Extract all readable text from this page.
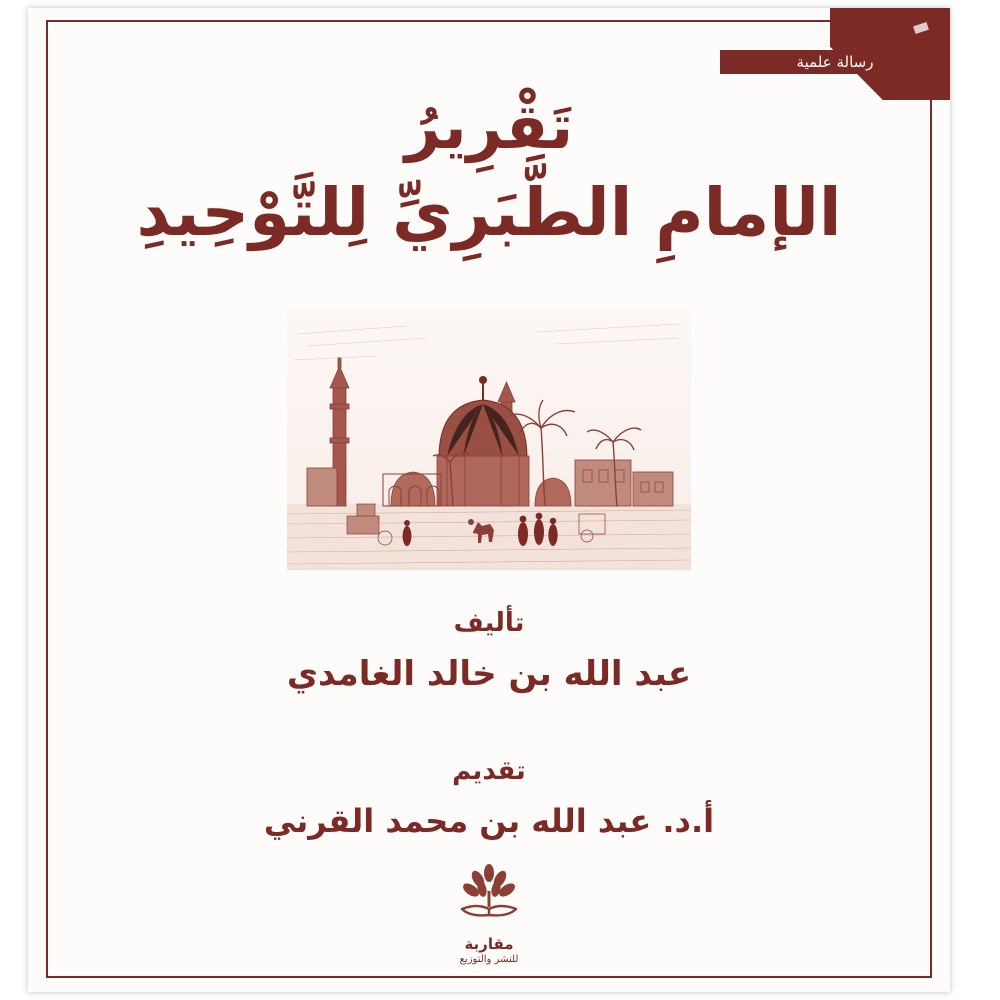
رسالة علمية
تَقْرِيرُ
الإمامِ الطَّبَرِيِّ لِلتَّوْحِيدِ
تأليف
عبد الله بن خالد الغامدي
تقديم
أ.د. عبد الله بن محمد القرني
مقاربة
للنشر والتوزيع
